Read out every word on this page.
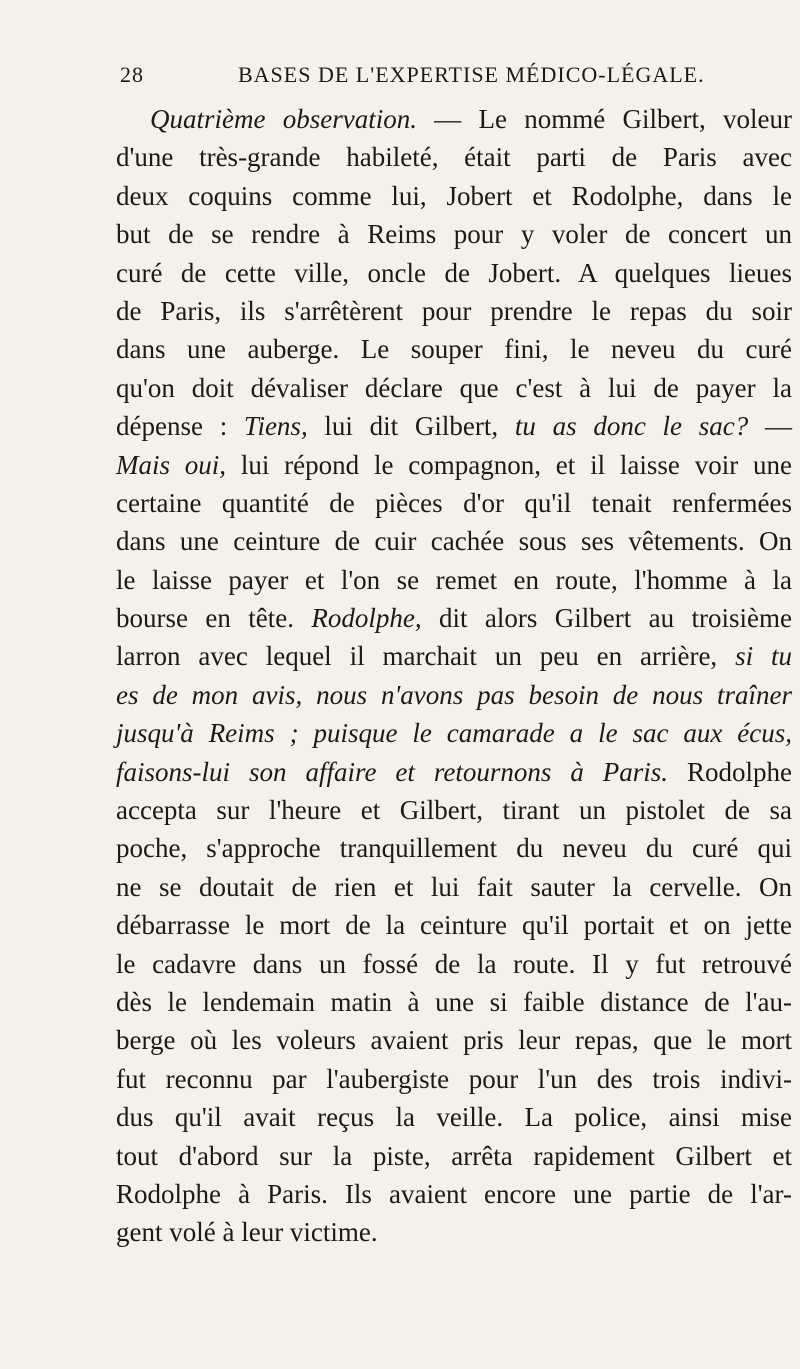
28	BASES DE L'EXPERTISE MÉDICO-LÉGALE.
Quatrième observation. — Le nommé Gilbert, voleur
d'une très-grande habileté, était parti de Paris avec
deux coquins comme lui, Jobert et Rodolphe, dans le
but de se rendre à Reims pour y voler de concert un
curé de cette ville, oncle de Jobert. A quelques lieues
de Paris, ils s'arrêtèrent pour prendre le repas du soir
dans une auberge. Le souper fini, le neveu du curé
qu'on doit dévaliser déclare que c'est à lui de payer la
dépense : Tiens, lui dit Gilbert, tu as donc le sac? —
Mais oui, lui répond le compagnon, et il laisse voir une
certaine quantité de pièces d'or qu'il tenait renfermées
dans une ceinture de cuir cachée sous ses vêtements. On
le laisse payer et l'on se remet en route, l'homme à la
bourse en tête. Rodolphe, dit alors Gilbert au troisième
larron avec lequel il marchait un peu en arrière, si tu
es de mon avis, nous n'avons pas besoin de nous traîner
jusqu'à Reims ; puisque le camarade a le sac aux écus,
faisons-lui son affaire et retournons à Paris. Rodolphe
accepta sur l'heure et Gilbert, tirant un pistolet de sa
poche, s'approche tranquillement du neveu du curé qui
ne se doutait de rien et lui fait sauter la cervelle. On
débarrasse le mort de la ceinture qu'il portait et on jette
le cadavre dans un fossé de la route. Il y fut retrouvé
dès le lendemain matin à une si faible distance de l'au-
berge où les voleurs avaient pris leur repas, que le mort
fut reconnu par l'aubergiste pour l'un des trois indivi-
dus qu'il avait reçus la veille. La police, ainsi mise
tout d'abord sur la piste, arrêta rapidement Gilbert et
Rodolphe à Paris. Ils avaient encore une partie de l'ar-
gent volé à leur victime.
